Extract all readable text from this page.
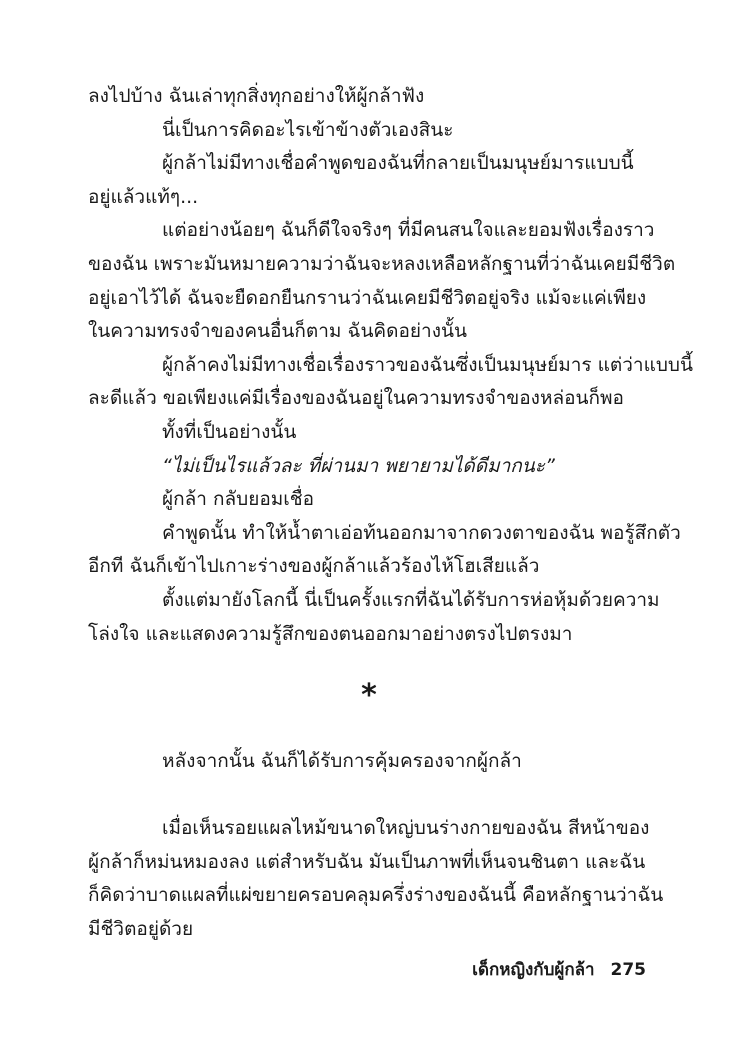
ลงไปบ้าง ฉันเล่าทุกสิ่งทุกอย่างให้ผู้กล้าฟัง
นี่เป็นการคิดอะไรเข้าข้างตัวเองสินะ
ผู้กล้าไม่มีทางเชื่อคำพูดของฉันที่กลายเป็นมนุษย์มารแบบนี้
อยู่แล้วแท้ๆ...
แต่อย่างน้อยๆ ฉันก็ดีใจจริงๆ ที่มีคนสนใจและยอมฟังเรื่องราว
ของฉัน เพราะมันหมายความว่าฉันจะหลงเหลือหลักฐานที่ว่าฉันเคยมีชีวิต
อยู่เอาไว้ได้ ฉันจะยืดอกยืนกรานว่าฉันเคยมีชีวิตอยู่จริง แม้จะแค่เพียง
ในความทรงจำของคนอื่นก็ตาม ฉันคิดอย่างนั้น
ผู้กล้าคงไม่มีทางเชื่อเรื่องราวของฉันซึ่งเป็นมนุษย์มาร แต่ว่าแบบนี้
ละดีแล้ว ขอเพียงแค่มีเรื่องของฉันอยู่ในความทรงจำของหล่อนก็พอ
ทั้งที่เป็นอย่างนั้น
“ไม่เป็นไรแล้วละ ที่ผ่านมา พยายามได้ดีมากนะ”
ผู้กล้า กลับยอมเชื่อ
คำพูดนั้น ทำให้น้ำตาเอ่อท้นออกมาจากดวงตาของฉัน พอรู้สึกตัว
อีกที ฉันก็เข้าไปเกาะร่างของผู้กล้าแล้วร้องไห้โฮเสียแล้ว
ตั้งแต่มายังโลกนี้ นี่เป็นครั้งแรกที่ฉันได้รับการห่อหุ้มด้วยความ
โล่งใจ และแสดงความรู้สึกของตนออกมาอย่างตรงไปตรงมา
*
หลังจากนั้น ฉันก็ได้รับการคุ้มครองจากผู้กล้า
เมื่อเห็นรอยแผลไหม้ขนาดใหญ่บนร่างกายของฉัน สีหน้าของ
ผู้กล้าก็หม่นหมองลง แต่สำหรับฉัน มันเป็นภาพที่เห็นจนชินตา และฉัน
ก็คิดว่าบาดแผลที่แผ่ขยายครอบคลุมครึ่งร่างของฉันนี้ คือหลักฐานว่าฉัน
มีชีวิตอยู่ด้วย
เด็กหญิงกับผู้กล้า 275
